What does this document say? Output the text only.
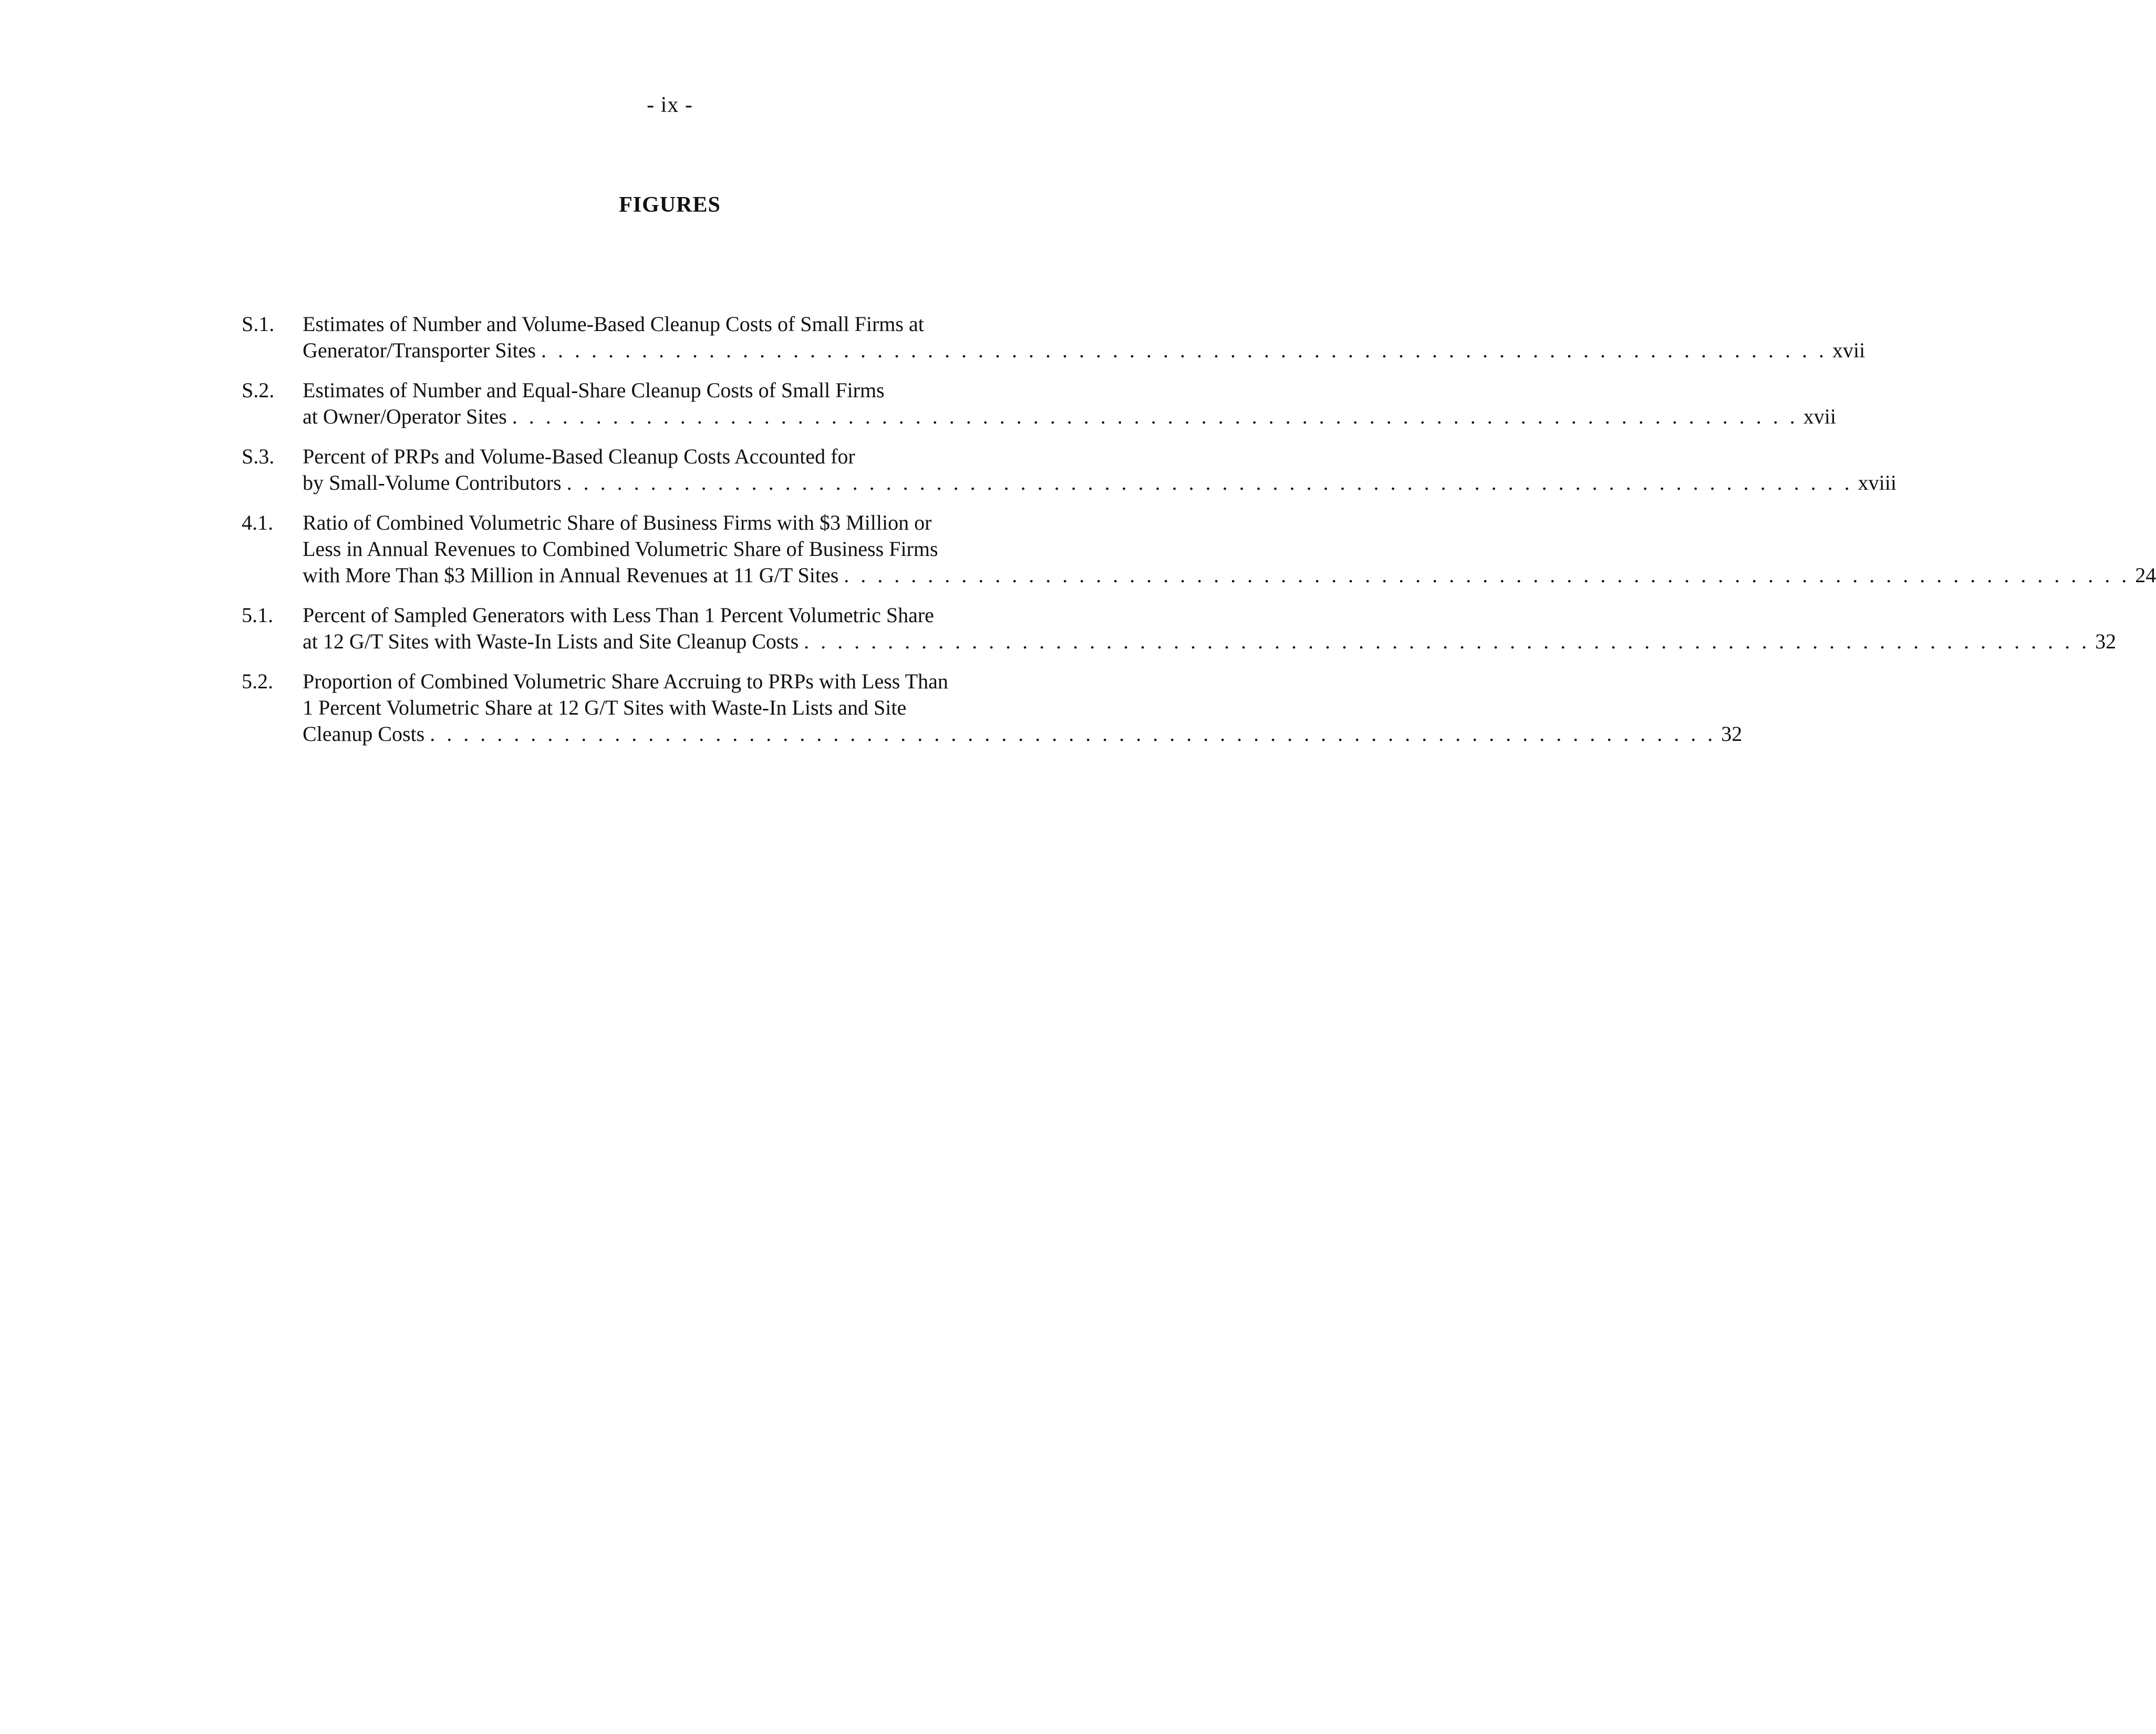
- ix -
FIGURES
S.1.	Estimates of Number and Volume-Based Cleanup Costs of Small Firms at
Generator/Transporter Sites . . . . . . . . . . . . . . . . . . . . . . . . . . . . . . . . . . . . . . . . . . . . . . . . . . . . . . . . . . . . . . . . . . . . . . . . . . . . . xvii
S.2.	Estimates of Number and Equal-Share Cleanup Costs of Small Firms
at Owner/Operator Sites . . . . . . . . . . . . . . . . . . . . . . . . . . . . . . . . . . . . . . . . . . . . . . . . . . . . . . . . . . . . . . . . . . . . . . . . . . . . . xvii
S.3.	Percent of PRPs and Volume-Based Cleanup Costs Accounted for
by Small-Volume Contributors . . . . . . . . . . . . . . . . . . . . . . . . . . . . . . . . . . . . . . . . . . . . . . . . . . . . . . . . . . . . . . . . . . . . . . . . . . . . . xviii
4.1.	Ratio of Combined Volumetric Share of Business Firms with $3 Million or
Less in Annual Revenues to Combined Volumetric Share of Business Firms
with More Than $3 Million in Annual Revenues at 11 G/T Sites . . . . . . . . . . . . . . . . . . . . . . . . . . . . . . . . . . . . . . . . . . . . . . . . . . . . . . . . . . . . . . . . . . . . . . . . . . . . . 24
5.1.	Percent of Sampled Generators with Less Than 1 Percent Volumetric Share
at 12 G/T Sites with Waste-In Lists and Site Cleanup Costs . . . . . . . . . . . . . . . . . . . . . . . . . . . . . . . . . . . . . . . . . . . . . . . . . . . . . . . . . . . . . . . . . . . . . . . . . . . . . 32
5.2.	Proportion of Combined Volumetric Share Accruing to PRPs with Less Than
1 Percent Volumetric Share at 12 G/T Sites with Waste-In Lists and Site
Cleanup Costs . . . . . . . . . . . . . . . . . . . . . . . . . . . . . . . . . . . . . . . . . . . . . . . . . . . . . . . . . . . . . . . . . . . . . . . . . . . . . 32
